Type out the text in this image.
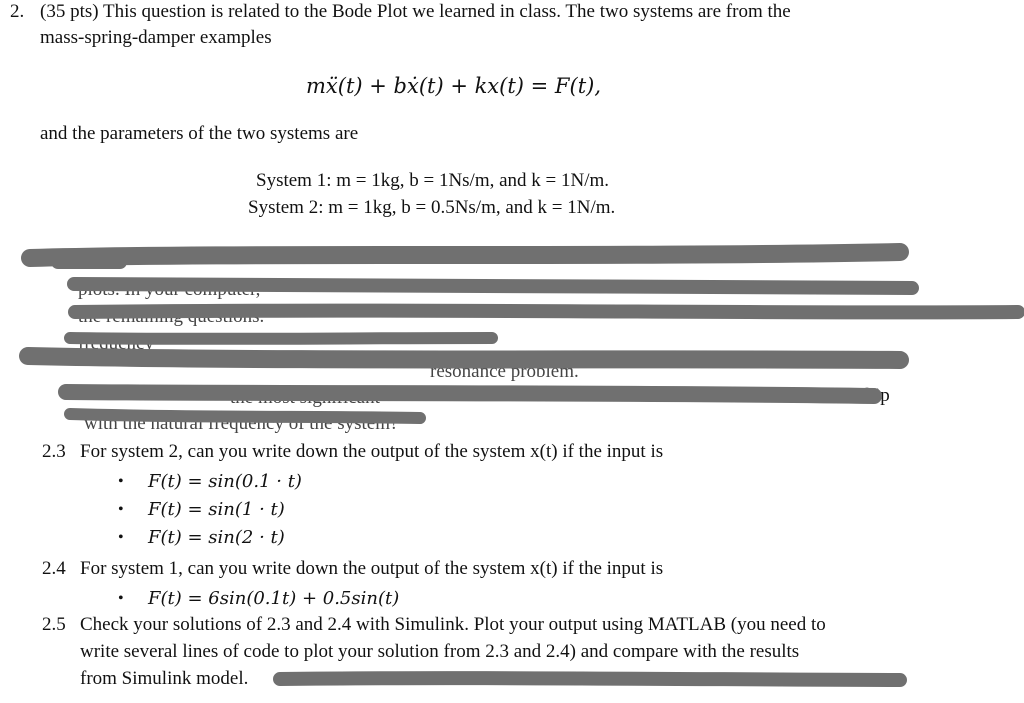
2. (35 pts) This question is related to the Bode Plot we learned in class. The two systems are from the
mass-spring-damper examples
mẍ(t) + bẋ(t) + kx(t) = F(t),
and the parameters of the two systems are
System 1: m = 1kg, b = 1Ns/m, and k = 1N/m.
System 2: m = 1kg, b = 0.5Ns/m, and k = 1N/m.
plots. In your computer,
the remaining questions.
frequency
resonance problem.
the most significant	relationship
with the natural frequency of the system?
2.3 For system 2, can you write down the output of the system x(t) if the input is
• F(t) = sin(0.1 · t)
• F(t) = sin(1 · t)
• F(t) = sin(2 · t)
2.4 For system 1, can you write down the output of the system x(t) if the input is
• F(t) = 6sin(0.1t) + 0.5sin(t)
2.5 Check your solutions of 2.3 and 2.4 with Simulink. Plot your output using MATLAB (you need to
write several lines of code to plot your solution from 2.3 and 2.4) and compare with the results
from Simulink model.
